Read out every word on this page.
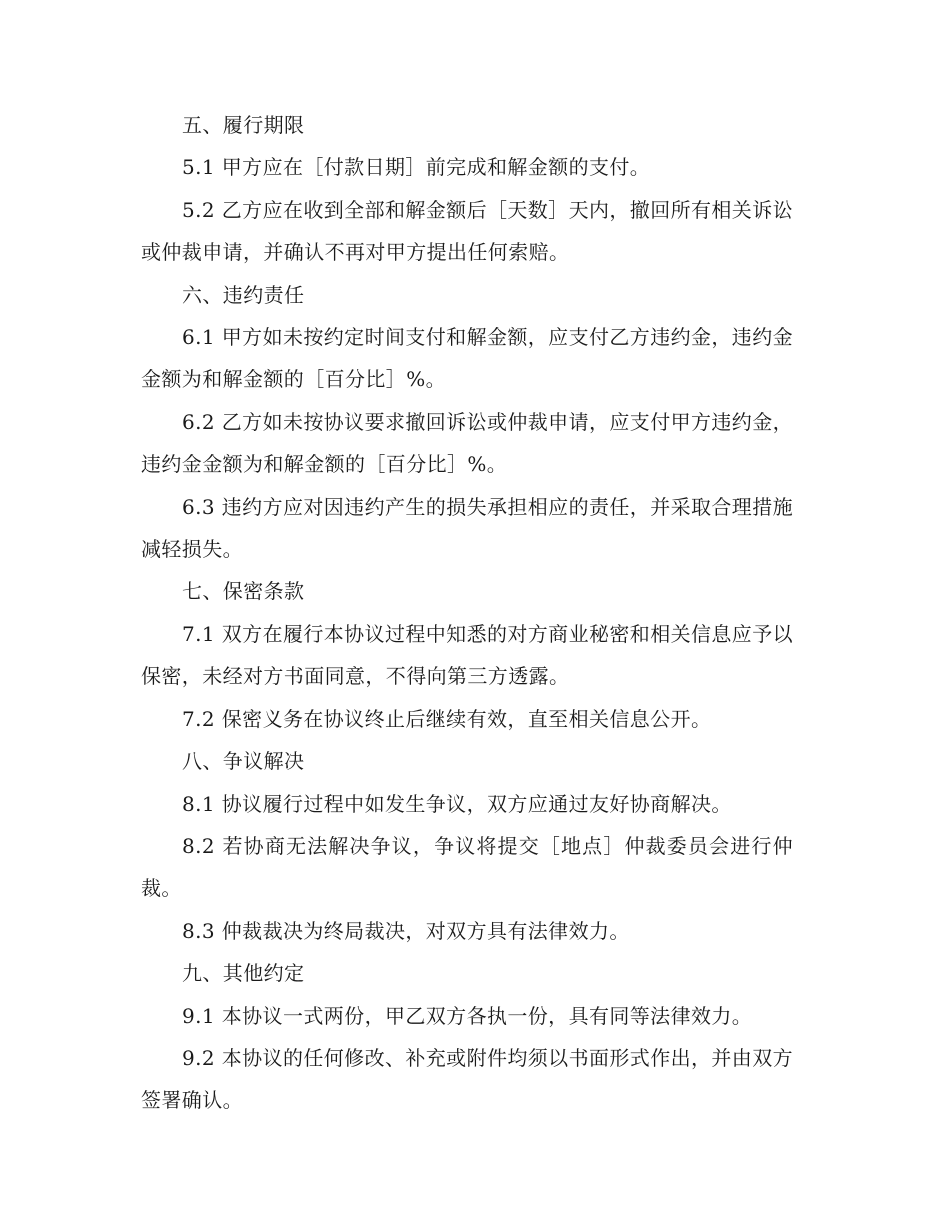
五、履行期限

5.1 甲方应在［付款日期］前完成和解金额的支付。

5.2 乙方应在收到全部和解金额后［天数］天内，撤回所有相关诉讼或仲裁申请，并确认不再对甲方提出任何索赔。

六、违约责任

6.1 甲方如未按约定时间支付和解金额，应支付乙方违约金，违约金金额为和解金额的［百分比］%。

6.2 乙方如未按协议要求撤回诉讼或仲裁申请，应支付甲方违约金，违约金金额为和解金额的［百分比］%。

6.3 违约方应对因违约产生的损失承担相应的责任，并采取合理措施减轻损失。

七、保密条款

7.1 双方在履行本协议过程中知悉的对方商业秘密和相关信息应予以保密，未经对方书面同意，不得向第三方透露。

7.2 保密义务在协议终止后继续有效，直至相关信息公开。

八、争议解决

8.1 协议履行过程中如发生争议，双方应通过友好协商解决。

8.2 若协商无法解决争议，争议将提交［地点］仲裁委员会进行仲裁。

8.3 仲裁裁决为终局裁决，对双方具有法律效力。

九、其他约定

9.1 本协议一式两份，甲乙双方各执一份，具有同等法律效力。

9.2 本协议的任何修改、补充或附件均须以书面形式作出，并由双方签署确认。
